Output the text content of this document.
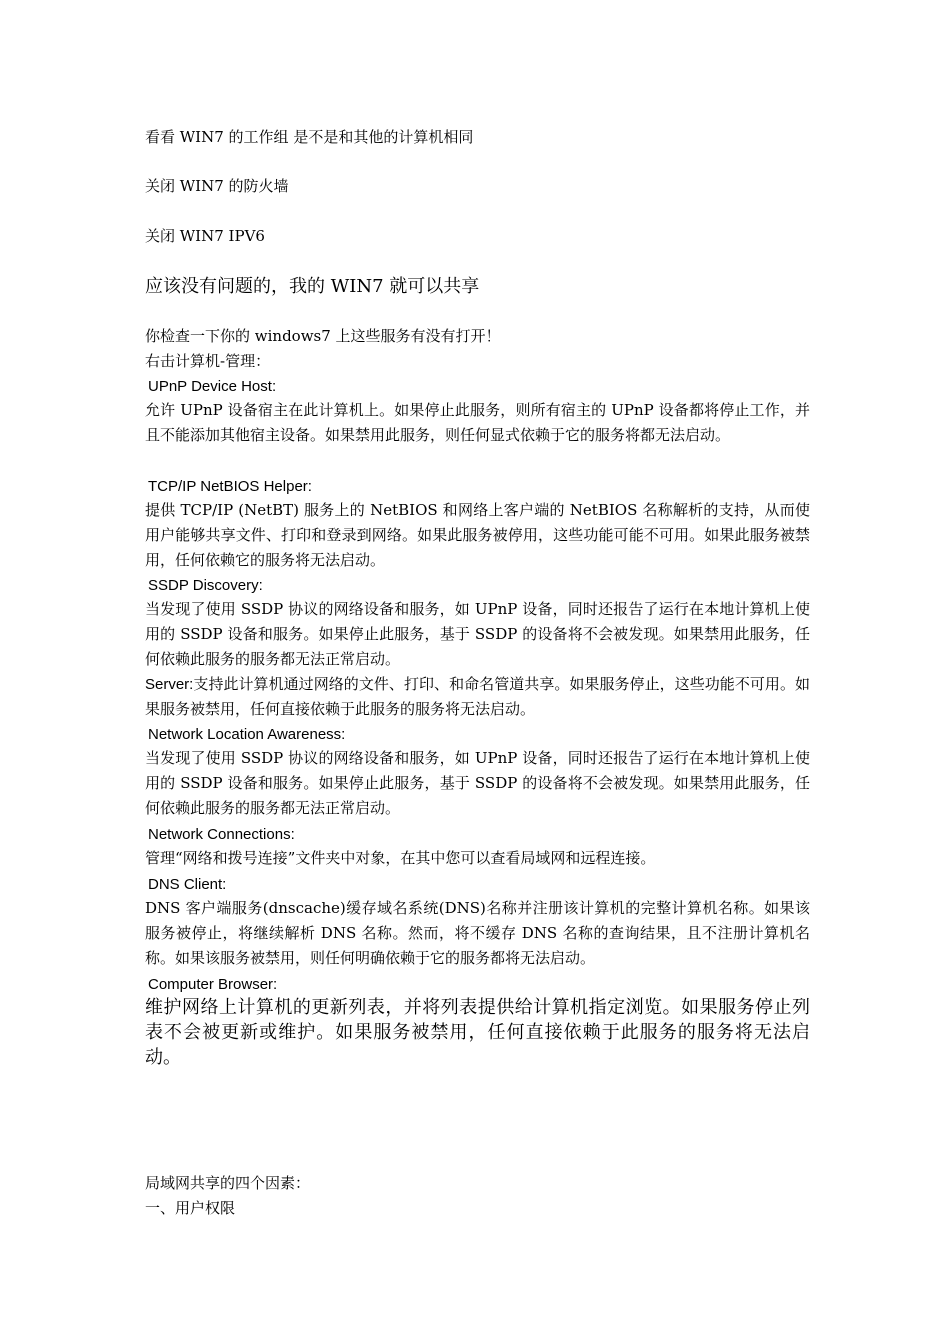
看看 WIN7 的工作组 是不是和其他的计算机相同

关闭 WIN7 的防火墙

关闭 WIN7 IPV6

应该没有问题的，我的 WIN7 就可以共享

你检查一下你的 windows7 上这些服务有没有打开！

右击计算机-管理：

UPnP Device Host:

允许 UPnP 设备宿主在此计算机上。如果停止此服务，则所有宿主的 UPnP 设备都将停止工作，并且不能添加其他宿主设备。如果禁用此服务，则任何显式依赖于它的服务将都无法启动。

TCP/IP NetBIOS Helper:

提供 TCP/IP (NetBT) 服务上的 NetBIOS 和网络上客户端的 NetBIOS 名称解析的支持，从而使用户能够共享文件、打印和登录到网络。如果此服务被停用，这些功能可能不可用。如果此服务被禁用，任何依赖它的服务将无法启动。

SSDP Discovery:

当发现了使用 SSDP 协议的网络设备和服务，如 UPnP 设备，同时还报告了运行在本地计算机上使用的 SSDP 设备和服务。如果停止此服务，基于 SSDP 的设备将不会被发现。如果禁用此服务，任何依赖此服务的服务都无法正常启动。

Server:支持此计算机通过网络的文件、打印、和命名管道共享。如果服务停止，这些功能不可用。如果服务被禁用，任何直接依赖于此服务的服务将无法启动。

Network Location Awareness:

当发现了使用 SSDP 协议的网络设备和服务，如 UPnP 设备，同时还报告了运行在本地计算机上使用的 SSDP 设备和服务。如果停止此服务，基于 SSDP 的设备将不会被发现。如果禁用此服务，任何依赖此服务的服务都无法正常启动。

Network Connections:

管理“网络和拨号连接”文件夹中对象，在其中您可以查看局域网和远程连接。

DNS Client:

DNS 客户端服务(dnscache)缓存域名系统(DNS)名称并注册该计算机的完整计算机名称。如果该服务被停止，将继续解析 DNS 名称。然而，将不缓存 DNS 名称的查询结果，且不注册计算机名称。如果该服务被禁用，则任何明确依赖于它的服务都将无法启动。

Computer Browser:

维护网络上计算机的更新列表，并将列表提供给计算机指定浏览。如果服务停止列表不会被更新或维护。如果服务被禁用，任何直接依赖于此服务的服务将无法启动。

局域网共享的四个因素：

一、用户权限
